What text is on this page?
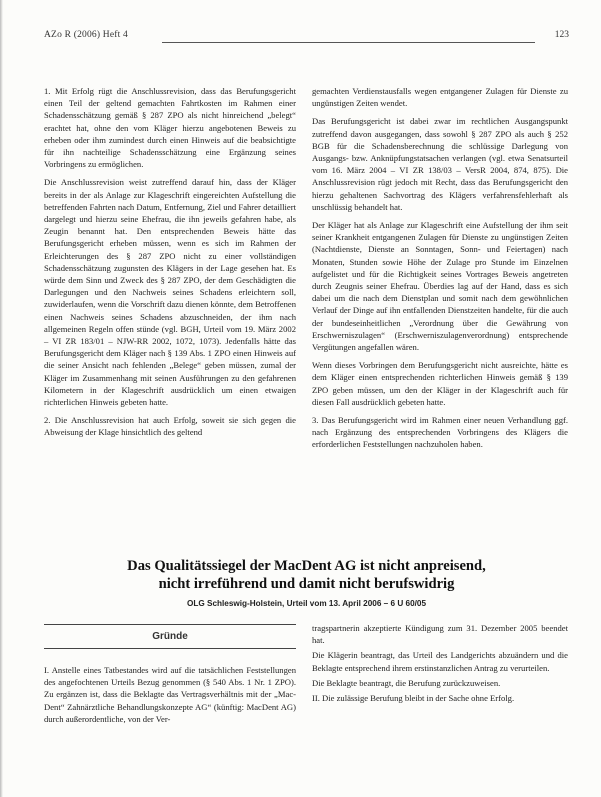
AZo R (2006) Heft 4	123

1. Mit Erfolg rügt die Anschlussrevision, dass das Berufungsgericht einen Teil der geltend gemachten Fahrtkosten im Rahmen einer Schadensschätzung gemäß § 287 ZPO als nicht hinreichend „belegt“ erachtet hat, ohne den vom Kläger hierzu angebotenen Beweis zu erheben oder ihm zumindest durch einen Hinweis auf die beabsichtigte für ihn nachteilige Schadensschätzung eine Ergänzung seines Vorbringens zu ermöglichen.

Die Anschlussrevision weist zutreffend darauf hin, dass der Kläger bereits in der als Anlage zur Klageschrift eingereichten Aufstellung die betreffenden Fahrten nach Datum, Entfernung, Ziel und Fahrer detailliert dargelegt und hierzu seine Ehefrau, die ihn jeweils gefahren habe, als Zeugin benannt hat. Den entsprechenden Beweis hätte das Berufungsgericht erheben müssen, wenn es sich im Rahmen der Erleichterungen des § 287 ZPO nicht zu einer vollständigen Schadensschätzung zugunsten des Klägers in der Lage gesehen hat. Es würde dem Sinn und Zweck des § 287 ZPO, der dem Geschädigten die Darlegungen und den Nachweis seines Schadens erleichtern soll, zuwiderlaufen, wenn die Vorschrift dazu dienen könnte, dem Betroffenen einen Nachweis seines Schadens abzuschneiden, der ihm nach allgemeinen Regeln offen stünde (vgl. BGH, Urteil vom 19. März 2002 – VI ZR 183/01 – NJW-RR 2002, 1072, 1073). Jedenfalls hätte das Berufungsgericht dem Kläger nach § 139 Abs. 1 ZPO einen Hinweis auf die seiner Ansicht nach fehlenden „Belege“ geben müssen, zumal der Kläger im Zusammenhang mit seinen Ausführungen zu den gefahrenen Kilometern in der Klageschrift ausdrücklich um einen etwaigen richterlichen Hinweis gebeten hatte.

2. Die Anschlussrevision hat auch Erfolg, soweit sie sich gegen die Abweisung der Klage hinsichtlich des geltend

gemachten Verdienstausfalls wegen entgangener Zulagen für Dienste zu ungünstigen Zeiten wendet.

Das Berufungsgericht ist dabei zwar im rechtlichen Ausgangspunkt zutreffend davon ausgegangen, dass sowohl § 287 ZPO als auch § 252 BGB für die Schadensberechnung die schlüssige Darlegung von Ausgangs- bzw. Anknüpfungstatsachen verlangen (vgl. etwa Senatsurteil vom 16. März 2004 – VI ZR 138/03 – VersR 2004, 874, 875). Die Anschlussrevision rügt jedoch mit Recht, dass das Berufungsgericht den hierzu gehaltenen Sachvortrag des Klägers verfahrensfehlerhaft als unschlüssig behandelt hat.

Der Kläger hat als Anlage zur Klageschrift eine Aufstellung der ihm seit seiner Krankheit entgangenen Zulagen für Dienste zu ungünstigen Zeiten (Nachtdienste, Dienste an Sonntagen, Sonn- und Feiertagen) nach Monaten, Stunden sowie Höhe der Zulage pro Stunde im Einzelnen aufgelistet und für die Richtigkeit seines Vortrages Beweis angetreten durch Zeugnis seiner Ehefrau. Überdies lag auf der Hand, dass es sich dabei um die nach dem Dienstplan und somit nach dem gewöhnlichen Verlauf der Dinge auf ihn entfallenden Dienstzeiten handelte, für die auch der bundeseinheitlichen „Verordnung über die Gewährung von Erschwerniszulagen“ (Erschwerniszulagenverordnung) entsprechende Vergütungen angefallen wären.

Wenn dieses Vorbringen dem Berufungsgericht nicht ausreichte, hätte es dem Kläger einen entsprechenden richterlichen Hinweis gemäß § 139 ZPO geben müssen, um den der Kläger in der Klageschrift auch für diesen Fall ausdrücklich gebeten hatte.

3. Das Berufungsgericht wird im Rahmen einer neuen Verhandlung ggf. nach Ergänzung des entsprechenden Vorbringens des Klägers die erforderlichen Feststellungen nachzuholen haben.

Das Qualitätssiegel der MacDent AG ist nicht anpreisend,
nicht irreführend und damit nicht berufswidrig
OLG Schleswig-Holstein, Urteil vom 13. April 2006 – 6 U 60/05
Gründe

I. Anstelle eines Tatbestandes wird auf die tatsächlichen Feststellungen des angefochtenen Urteils Bezug genommen (§ 540 Abs. 1 Nr. 1 ZPO). Zu ergänzen ist, dass die Beklagte das Vertragsverhältnis mit der „Mac-Dent“ Zahnärztliche Behandlungskonzepte AG“ (künftig: MacDent AG) durch außerordentliche, von der Ver-

tragspartnerin akzeptierte Kündigung zum 31. Dezember 2005 beendet hat.

Die Klägerin beantragt, das Urteil des Landgerichts abzuändern und die Beklagte entsprechend ihrem erstinstanzlichen Antrag zu verurteilen.

Die Beklagte beantragt, die Berufung zurückzuweisen.

II. Die zulässige Berufung bleibt in der Sache ohne Erfolg.
